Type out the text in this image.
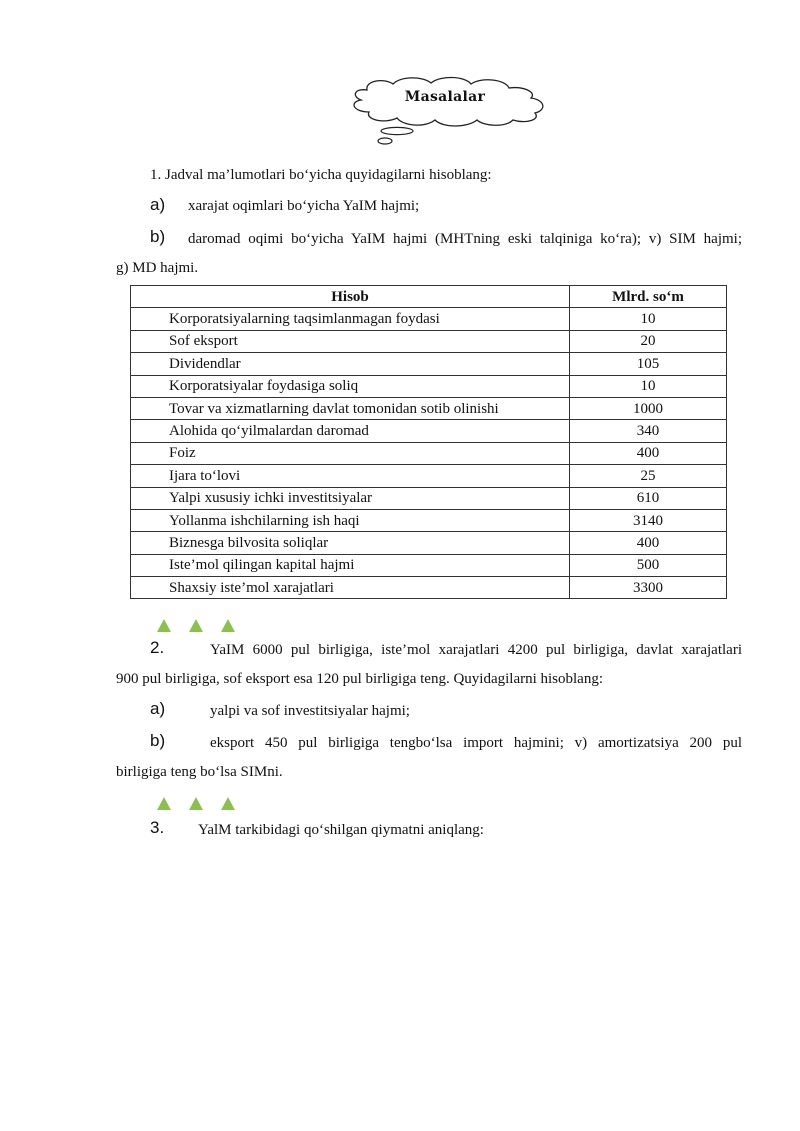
Masalalar
1. Jadval ma’lumotlari bo‘yicha quyidagilarni hisoblang:
a) xarajat oqimlari bo‘yicha YaIM hajmi;
b) daromad oqimi bo‘yicha YaIM hajmi (MHTning eski talqiniga ko‘ra); v) SIM hajmi;
g) MD hajmi.
Hisob	Mlrd. so‘m
Korporatsiyalarning taqsimlanmagan foydasi	10
Sof eksport	20
Dividendlar	105
Korporatsiyalar foydasiga soliq	10
Tovar va xizmatlarning davlat tomonidan sotib olinishi	1000
Alohida qo‘yilmalardan daromad	340
Foiz	400
Ijara to‘lovi	25
Yalpi xususiy ichki investitsiyalar	610
Yollanma ishchilarning ish haqi	3140
Biznesga bilvosita soliqlar	400
Iste’mol qilingan kapital hajmi	500
Shaxsiy iste’mol xarajatlari	3300
2.	YaIM 6000 pul birligiga, iste’mol xarajatlari 4200 pul birligiga, davlat xarajatlari
900 pul birligiga, sof eksport esa 120 pul birligiga teng. Quyidagilarni hisoblang:
a)	yalpi va sof investitsiyalar hajmi;
b)	eksport 450 pul birligiga tengbo‘lsa import hajmini; v) amortizatsiya 200 pul
birligiga teng bo‘lsa SIMni.
3. YalM tarkibidagi qo‘shilgan qiymatni aniqlang:
